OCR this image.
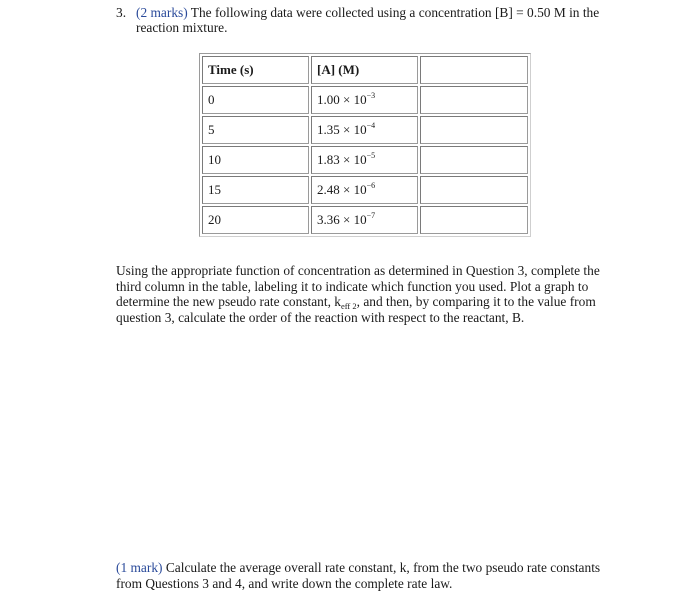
3. (2 marks) The following data were collected using a concentration [B] = 0.50 M in the
reaction mixture.
Time (s)	[A] (M)	
0	$1.00 \times 10^{-3}$	
5	$1.35 \times 10^{-4}$	
10	$1.83 \times 10^{-5}$	
15	$2.48 \times 10^{-6}$	
20	$3.36 \times 10^{-7}$	
Using the appropriate function of concentration as determined in Question 3, complete the third column in the table, labeling it to indicate which function you used. Plot a graph to determine the new pseudo rate constant, $k_{eff 2}$, and then, by comparing it to the value from question 3, calculate the order of the reaction with respect to the reactant, B.
(1 mark) Calculate the average overall rate constant, k, from the two pseudo rate constants from Questions 3 and 4, and write down the complete rate law.
